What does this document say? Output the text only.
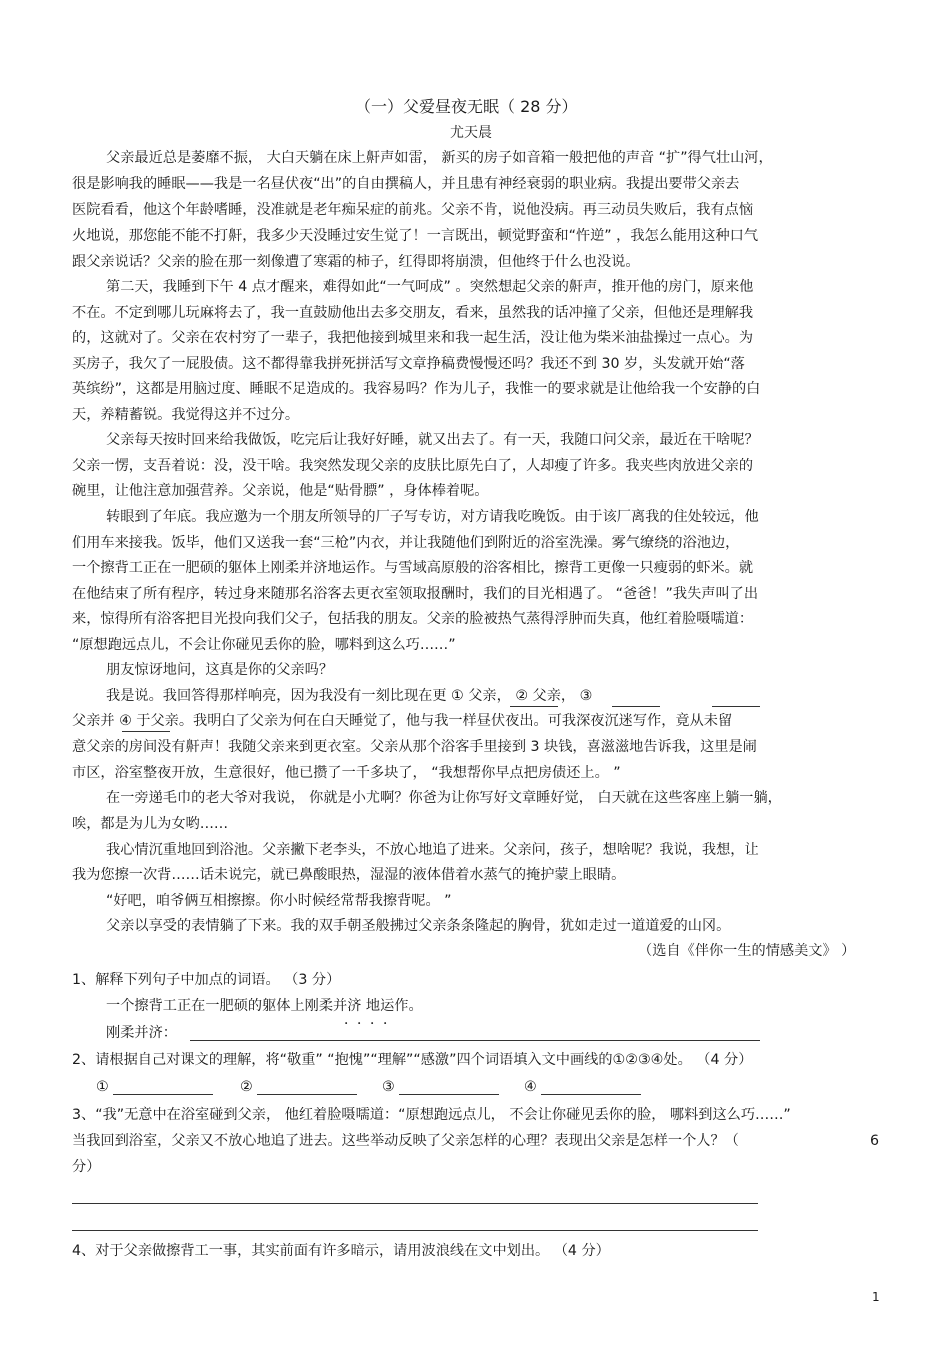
（一）父爱昼夜无眠（ 28 分）
尤天晨
父亲最近总是萎靡不振， 大白天躺在床上鼾声如雷， 新买的房子如音箱一般把他的声音 “扩”得气壮山河，
很是影响我的睡眠——我是一名昼伏夜“出”的自由撰稿人，并且患有神经衰弱的职业病。我提出要带父亲去
医院看看，他这个年龄嗜睡，没准就是老年痴呆症的前兆。父亲不肯，说他没病。再三动员失败后，我有点恼
火地说，那您能不能不打鼾，我多少天没睡过安生觉了！一言既出，顿觉野蛮和“忤逆” ，我怎么能用这种口气
跟父亲说话？父亲的脸在那一刻像遭了寒霜的柿子，红得即将崩溃，但他终于什么也没说。
第二天，我睡到下午 4 点才醒来，难得如此“一气呵成” 。突然想起父亲的鼾声，推开他的房门，原来他
不在。不定到哪儿玩麻将去了，我一直鼓励他出去多交朋友，看来，虽然我的话冲撞了父亲，但他还是理解我
的，这就对了。父亲在农村穷了一辈子，我把他接到城里来和我一起生活，没让他为柴米油盐操过一点心。为
买房子，我欠了一屁股债。这不都得靠我拼死拼活写文章挣稿费慢慢还吗？我还不到 30 岁，头发就开始“落
英缤纷”，这都是用脑过度、睡眠不足造成的。我容易吗？作为儿子，我惟一的要求就是让他给我一个安静的白
天，养精蓄锐。我觉得这并不过分。
父亲每天按时回来给我做饭，吃完后让我好好睡，就又出去了。有一天，我随口问父亲，最近在干啥呢？
父亲一愣，支吾着说：没，没干啥。我突然发现父亲的皮肤比原先白了，人却瘦了许多。我夹些肉放进父亲的
碗里，让他注意加强营养。父亲说，他是“贴骨膘” ，身体棒着呢。
转眼到了年底。我应邀为一个朋友所领导的厂子写专访，对方请我吃晚饭。由于该厂离我的住处较远，他
们用车来接我。饭毕，他们又送我一套“三枪”内衣，并让我随他们到附近的浴室洗澡。雾气缭绕的浴池边，
一个擦背工正在一肥硕的躯体上刚柔并济地运作。与雪域高原般的浴客相比，擦背工更像一只瘦弱的虾米。就
在他结束了所有程序，转过身来随那名浴客去更衣室领取报酬时，我们的目光相遇了。 “爸爸！”我失声叫了出
来，惊得所有浴客把目光投向我们父子，包括我的朋友。父亲的脸被热气蒸得浮肿而失真，他红着脸嗫嚅道：
“原想跑远点儿，不会让你碰见丢你的脸，哪料到这么巧……”
朋友惊讶地问，这真是你的父亲吗？
我是说。我回答得那样响亮，因为我没有一刻比现在更 ① 父亲， ② 父亲， ③
父亲并 ④ 于父亲。我明白了父亲为何在白天睡觉了，他与我一样昼伏夜出。可我深夜沉迷写作，竟从未留
意父亲的房间没有鼾声！我随父亲来到更衣室。父亲从那个浴客手里接到 3 块钱，喜滋滋地告诉我，这里是闹
市区，浴室整夜开放，生意很好，他已攒了一千多块了， “我想帮你早点把房债还上。 ”
在一旁递毛巾的老大爷对我说， 你就是小尤啊？你爸为让你写好文章睡好觉， 白天就在这些客座上躺一躺，
唉，都是为儿为女哟……
我心情沉重地回到浴池。父亲撇下老李头，不放心地追了进来。父亲问，孩子，想啥呢？我说，我想，让
我为您擦一次背……话未说完，就已鼻酸眼热，湿湿的液体借着水蒸气的掩护蒙上眼睛。
“好吧，咱爷俩互相擦擦。你小时候经常帮我擦背呢。 ”
父亲以享受的表情躺了下来。我的双手朝圣般拂过父亲条条隆起的胸骨，犹如走过一道道爱的山冈。
（选自《伴你一生的情感美文》 ）
1、解释下列句子中加点的词语。 （3 分）
一个擦背工正在一肥硕的躯体上刚柔并济 地运作。
．．．．
刚柔并济：
2、请根据自己对课文的理解，将“敬重” “抱愧”“理解”“感激”四个词语填入文中画线的①②③④处。 （4 分）
①	②	③	④
3、“我”无意中在浴室碰到父亲， 他红着脸嗫嚅道：“原想跑远点儿， 不会让你碰见丢你的脸， 哪料到这么巧……”
当我回到浴室，父亲又不放心地追了进去。这些举动反映了父亲怎样的心理？表现出父亲是怎样一个人？（	6
分）
4、对于父亲做擦背工一事，其实前面有许多暗示，请用波浪线在文中划出。 （4 分）
1
